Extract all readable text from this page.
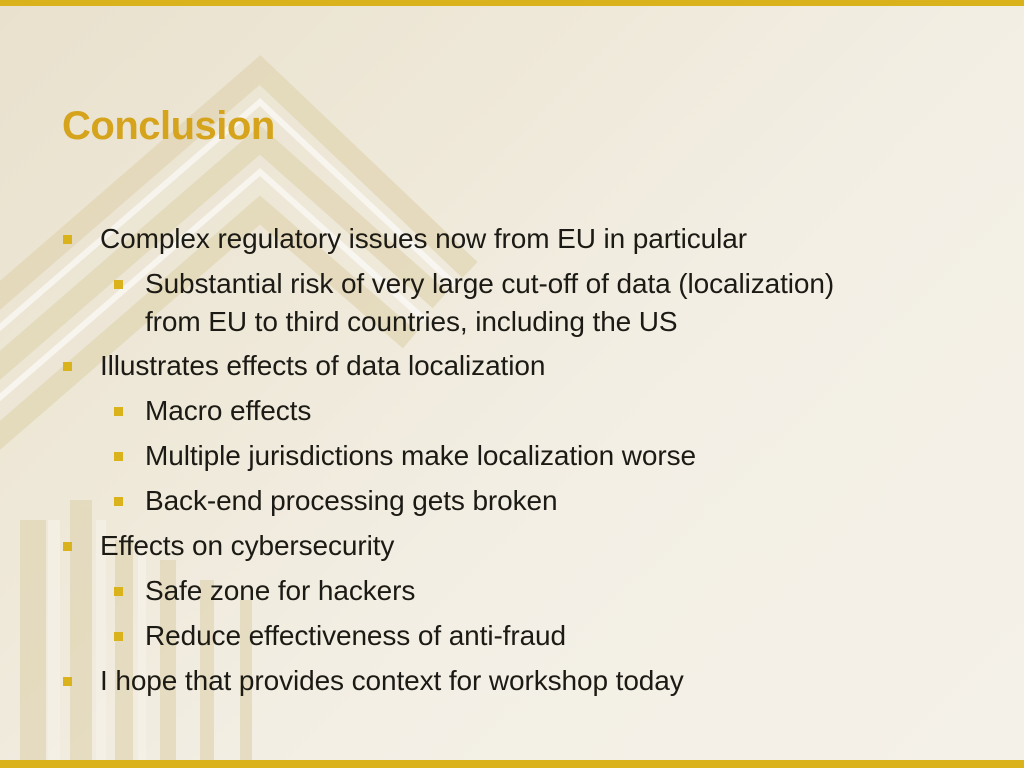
Conclusion
Complex regulatory issues now from EU in particular
Substantial risk of very large cut-off of data (localization)
from EU to third countries, including the US
Illustrates effects of data localization
Macro effects
Multiple jurisdictions make localization worse
Back-end processing gets broken
Effects on cybersecurity
Safe zone for hackers
Reduce effectiveness of anti-fraud
I hope that provides context for workshop today
